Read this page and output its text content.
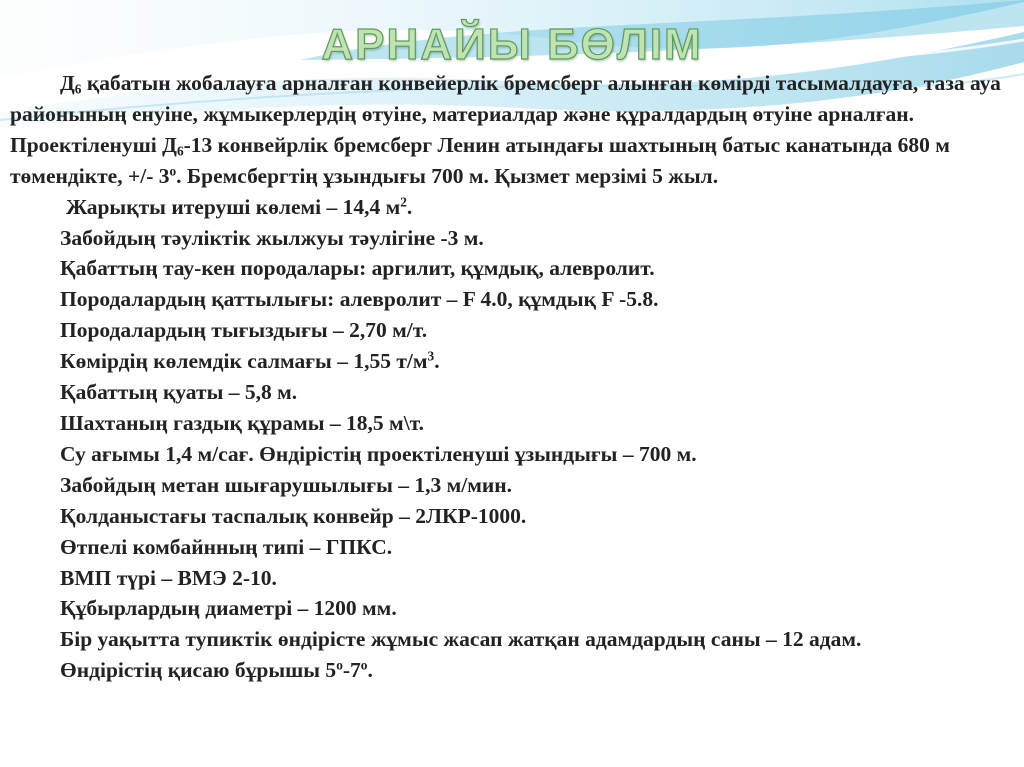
АРНАЙЫ БӨЛІМ

$Д_6$ қабатын жобалауға арналған конвейерлік бремсберг алынған көмірді тасымалдауға, таза ауа районының енуіне, жұмыкерлердің өтуіне, материалдар және құралдардың өтуіне арналған. Проектіленуші $Д_6-13$ конвейрлік бремсберг Ленин атындағы шахтының батыс канатында 680 м төмендікте, +/- $3^о$. Бремсбергтің ұзындығы 700 м. Қызмет мерзімі 5 жыл.

Жарықты итеруші көлемі – 14,4 $м^2$.

Забойдың тәуліктік жылжуы тәулігіне -3 м.

Қабаттың тау-кен породалары: аргилит, құмдық, алевролит.

Породалардың қаттылығы: алевролит – F 4.0, құмдық F -5.8.

Породалардың тығыздығы – 2,70 м/т.

Көмірдің көлемдік салмағы – 1,55 $т/м^3$.

Қабаттың қуаты – 5,8 м.

Шахтаның газдық құрамы – 18,5 м\т.

Су ағымы 1,4 м/сағ. Өндірістің проектіленуші ұзындығы – 700 м.

Забойдың метан шығарушылығы – 1,3 м/мин.

Қолданыстағы таспалық конвейр – 2ЛКР-1000.

Өтпелі комбайнның типі – ГПКС.

ВМП түрі – ВМЭ 2-10.

Құбырлардың диаметрі – 1200 мм.

Бір уақытта тупиктік өндірісте жұмыс жасап жатқан адамдардың саны – 12 адам.

Өндірістің қисаю бұрышы $5^о-7^о$.
